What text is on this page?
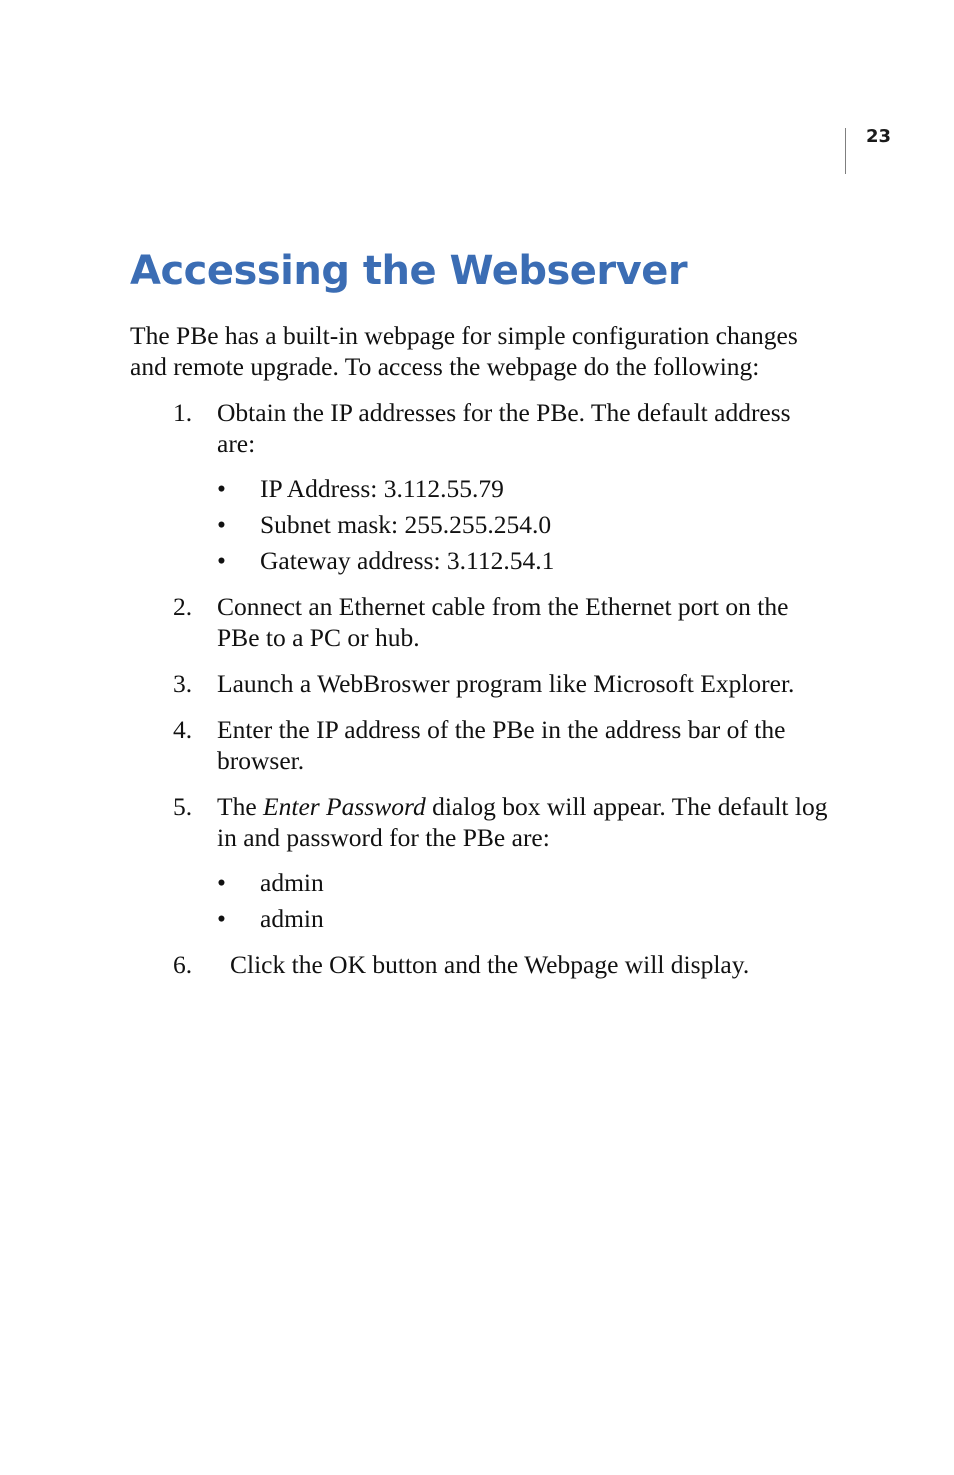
23
Accessing the Webserver

The PBe has a built-in webpage for simple configuration changes and remote upgrade. To access the webpage do the following:

1. Obtain the IP addresses for the PBe. The default address are:
• IP Address: 3.112.55.79
• Subnet mask: 255.255.254.0
• Gateway address: 3.112.54.1
2. Connect an Ethernet cable from the Ethernet port on the PBe to a PC or hub.
3. Launch a WebBroswer program like Microsoft Explorer.
4. Enter the IP address of the PBe in the address bar of the browser.
5. The Enter Password dialog box will appear. The default log in and password for the PBe are:
• admin
• admin
6. Click the OK button and the Webpage will display.
